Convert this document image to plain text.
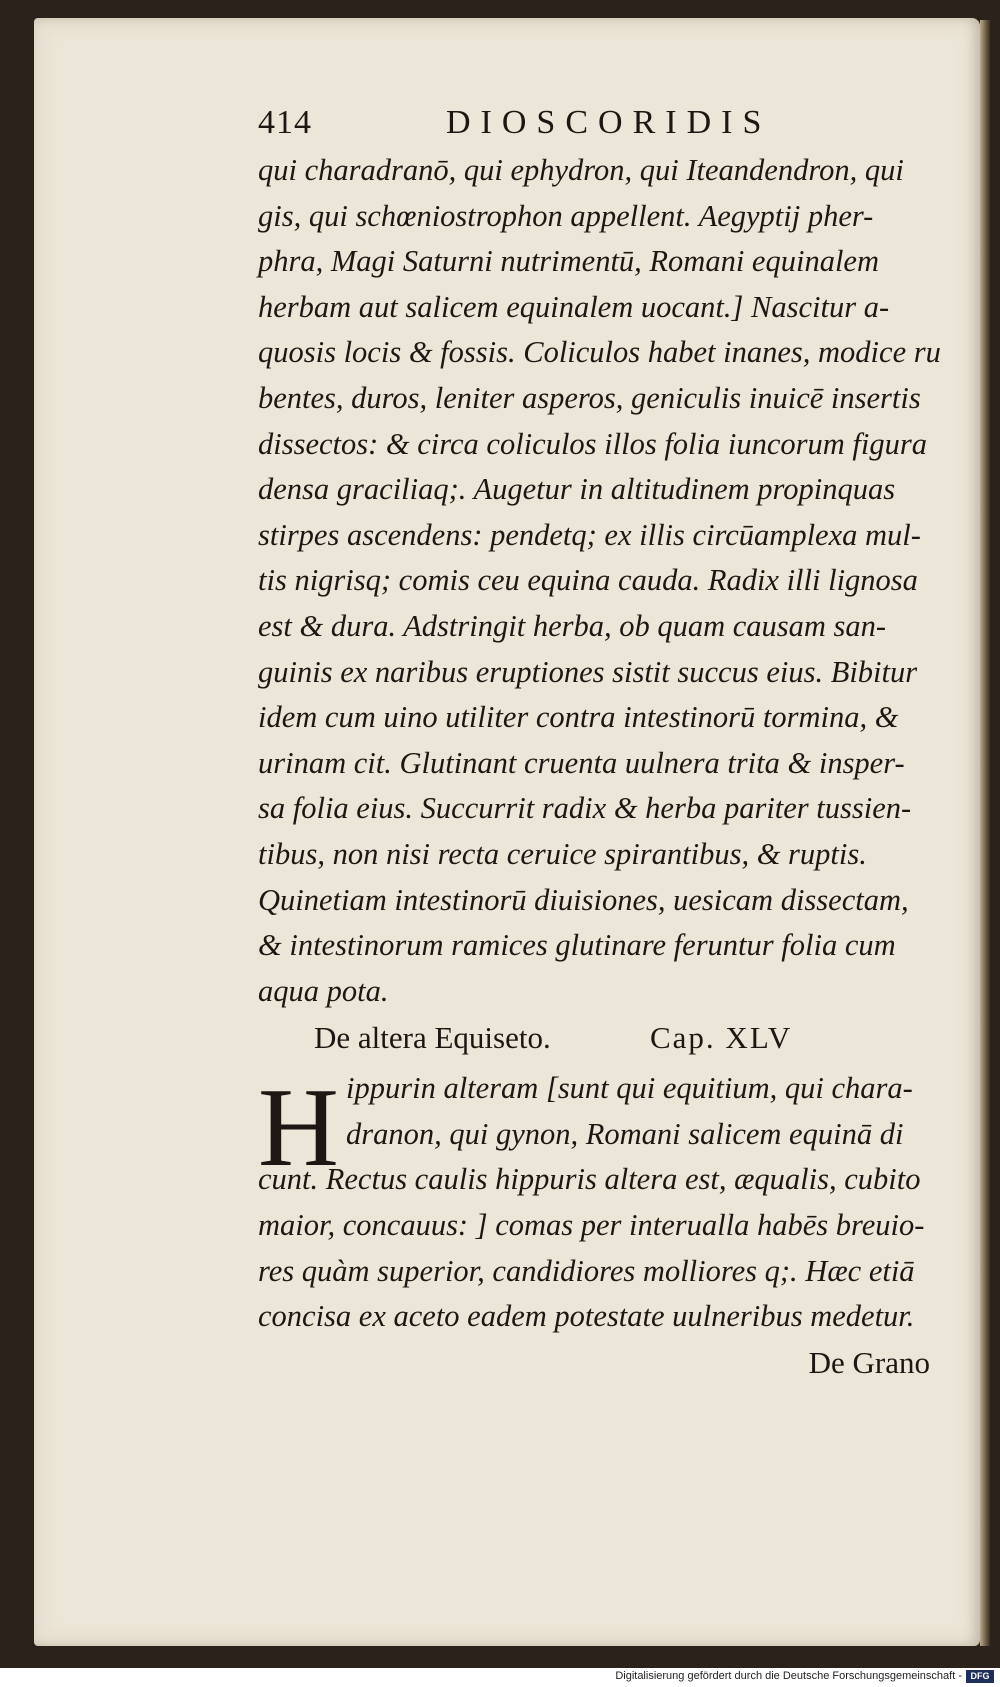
414	DIOSCORIDIS
qui charadranō, qui ephydron, qui Iteandendron, qui
gis, qui schœniostrophon appellent. Aegyptij pher-
phra, Magi Saturni nutrimentū, Romani equinalem
herbam aut salicem equinalem uocant.] Nascitur a-
quosis locis & fossis. Coliculos habet inanes, modice ru
bentes, duros, leniter asperos, geniculis inuicē insertis
dissectos: & circa coliculos illos folia iuncorum figura
densa graciliaq;. Augetur in altitudinem propinquas
stirpes ascendens: pendetq; ex illis circūamplexa mul-
tis nigrisq; comis ceu equina cauda. Radix illi lignosa
est & dura. Adstringit herba, ob quam causam san-
guinis ex naribus eruptiones sistit succus eius. Bibitur
idem cum uino utiliter contra intestinorū tormina, &
urinam cit. Glutinant cruenta uulnera trita & insper-
sa folia eius. Succurrit radix & herba pariter tussien-
tibus, non nisi recta ceruice spirantibus, & ruptis.
Quinetiam intestinorū diuisiones, uesicam dissectam,
& intestinorum ramices glutinare feruntur folia cum
aqua pota.
De altera Equiseto.	Cap. XLV
H ippurin alteram [sunt qui equitium, qui chara-
dranon, qui gynon, Romani salicem equinā di
cunt. Rectus caulis hippuris altera est, æqualis, cubito
maior, concauus: ] comas per interualla habēs breuio-
res quàm superior, candidiores molliores q;. Hæc etiā
concisa ex aceto eadem potestate uulneribus medetur.
De Grano
Digitalisierung gefördert durch die Deutsche Forschungsgemeinschaft - DFG
